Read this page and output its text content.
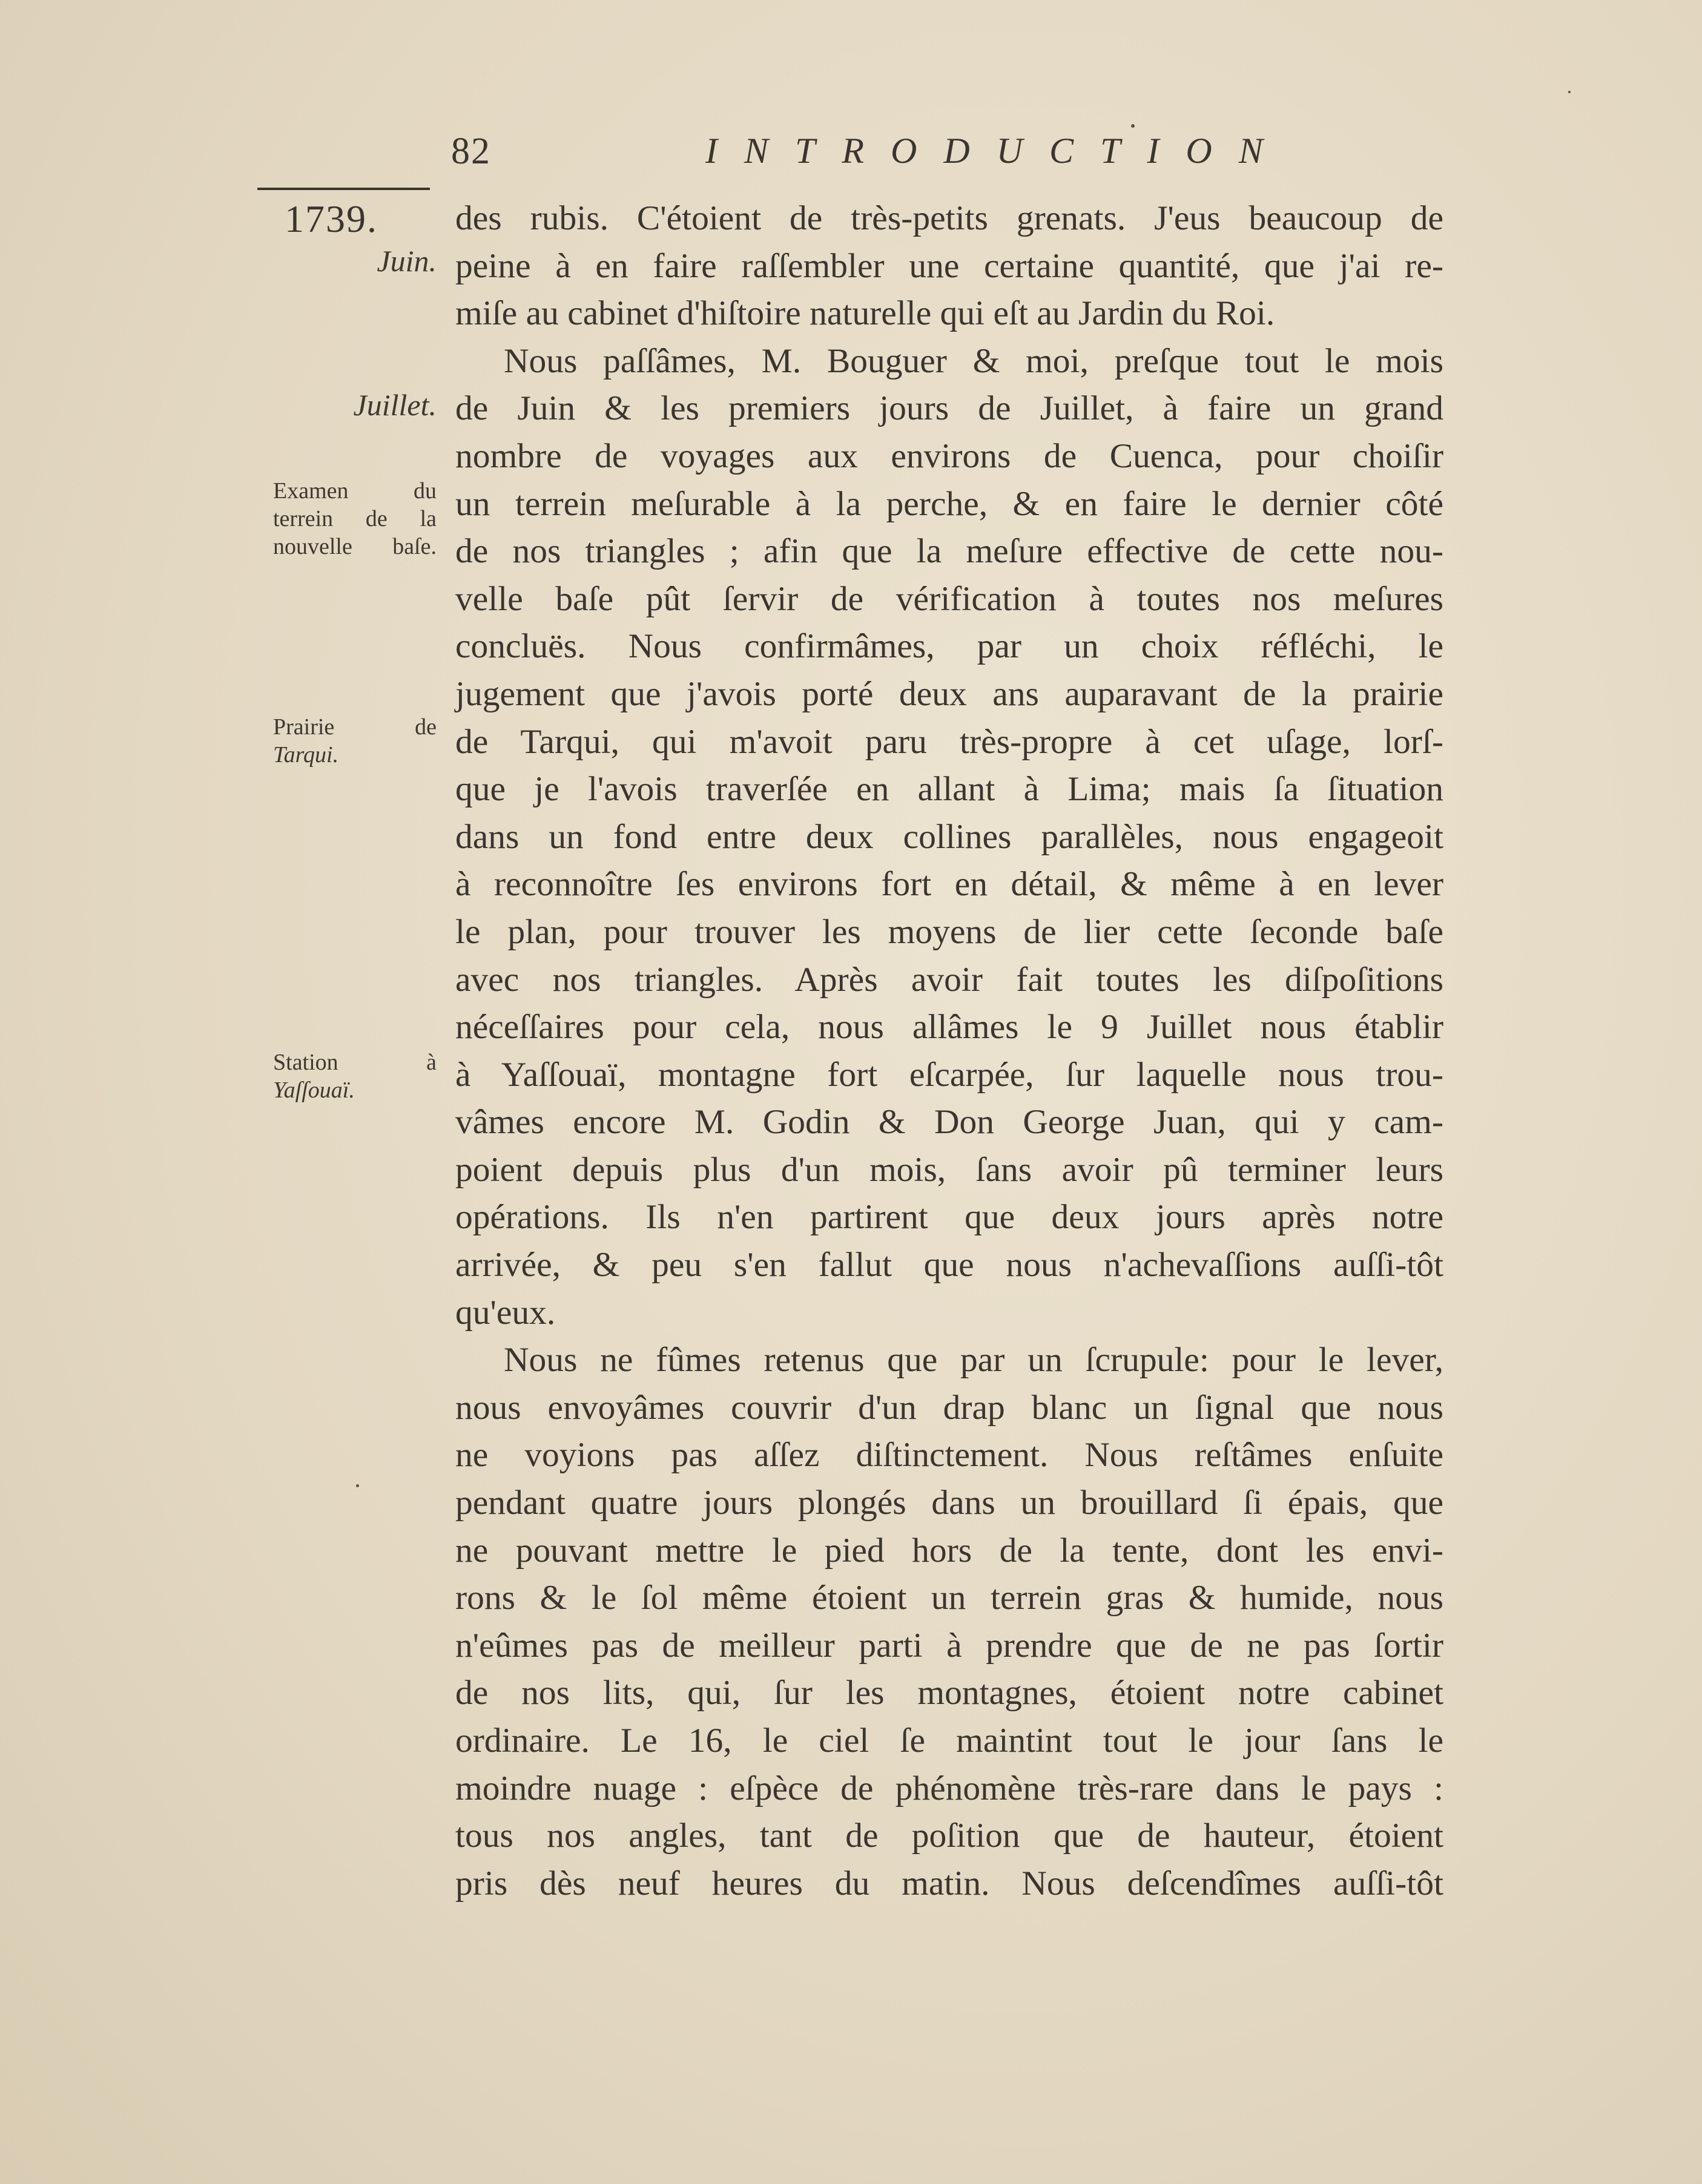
82	INTRODUCTION
1739.
Juin.
Juillet.
Examen du terrein de la nouvelle baſe.
Prairie de
Tarqui.
Station à
Yaſſouaï.
des rubis. C'étoient de très-petits grenats. J'eus beaucoup de
peine à en faire raſſembler une certaine quantité, que j'ai re-
miſe au cabinet d'hiſtoire naturelle qui eſt au Jardin du Roi.
Nous paſſâmes, M. Bouguer & moi, preſque tout le mois
de Juin & les premiers jours de Juillet, à faire un grand
nombre de voyages aux environs de Cuenca, pour choiſir
un terrein meſurable à la perche, & en faire le dernier côté
de nos triangles ; afin que la meſure effective de cette nou-
velle baſe pût ſervir de vérification à toutes nos meſures
concluës. Nous confirmâmes, par un choix réfléchi, le
jugement que j'avois porté deux ans auparavant de la prairie
de Tarqui, qui m'avoit paru très-propre à cet uſage, lorſ-
que je l'avois traverſée en allant à Lima; mais ſa ſituation
dans un fond entre deux collines parallèles, nous engageoit
à reconnoître ſes environs fort en détail, & même à en lever
le plan, pour trouver les moyens de lier cette ſeconde baſe
avec nos triangles. Après avoir fait toutes les diſpoſitions
néceſſaires pour cela, nous allâmes le 9 Juillet nous établir
à Yaſſouaï, montagne fort eſcarpée, ſur laquelle nous trou-
vâmes encore M. Godin & Don George Juan, qui y cam-
poient depuis plus d'un mois, ſans avoir pû terminer leurs
opérations. Ils n'en partirent que deux jours après notre
arrivée, & peu s'en fallut que nous n'achevaſſions auſſi-tôt
qu'eux.
Nous ne fûmes retenus que par un ſcrupule: pour le lever,
nous envoyâmes couvrir d'un drap blanc un ſignal que nous
ne voyions pas aſſez diſtinctement. Nous reſtâmes enſuite
pendant quatre jours plongés dans un brouillard ſi épais, que
ne pouvant mettre le pied hors de la tente, dont les envi-
rons & le ſol même étoient un terrein gras & humide, nous
n'eûmes pas de meilleur parti à prendre que de ne pas ſortir
de nos lits, qui, ſur les montagnes, étoient notre cabinet
ordinaire. Le 16, le ciel ſe maintint tout le jour ſans le
moindre nuage : eſpèce de phénomène très-rare dans le pays :
tous nos angles, tant de poſition que de hauteur, étoient
pris dès neuf heures du matin. Nous deſcendîmes auſſi-tôt
